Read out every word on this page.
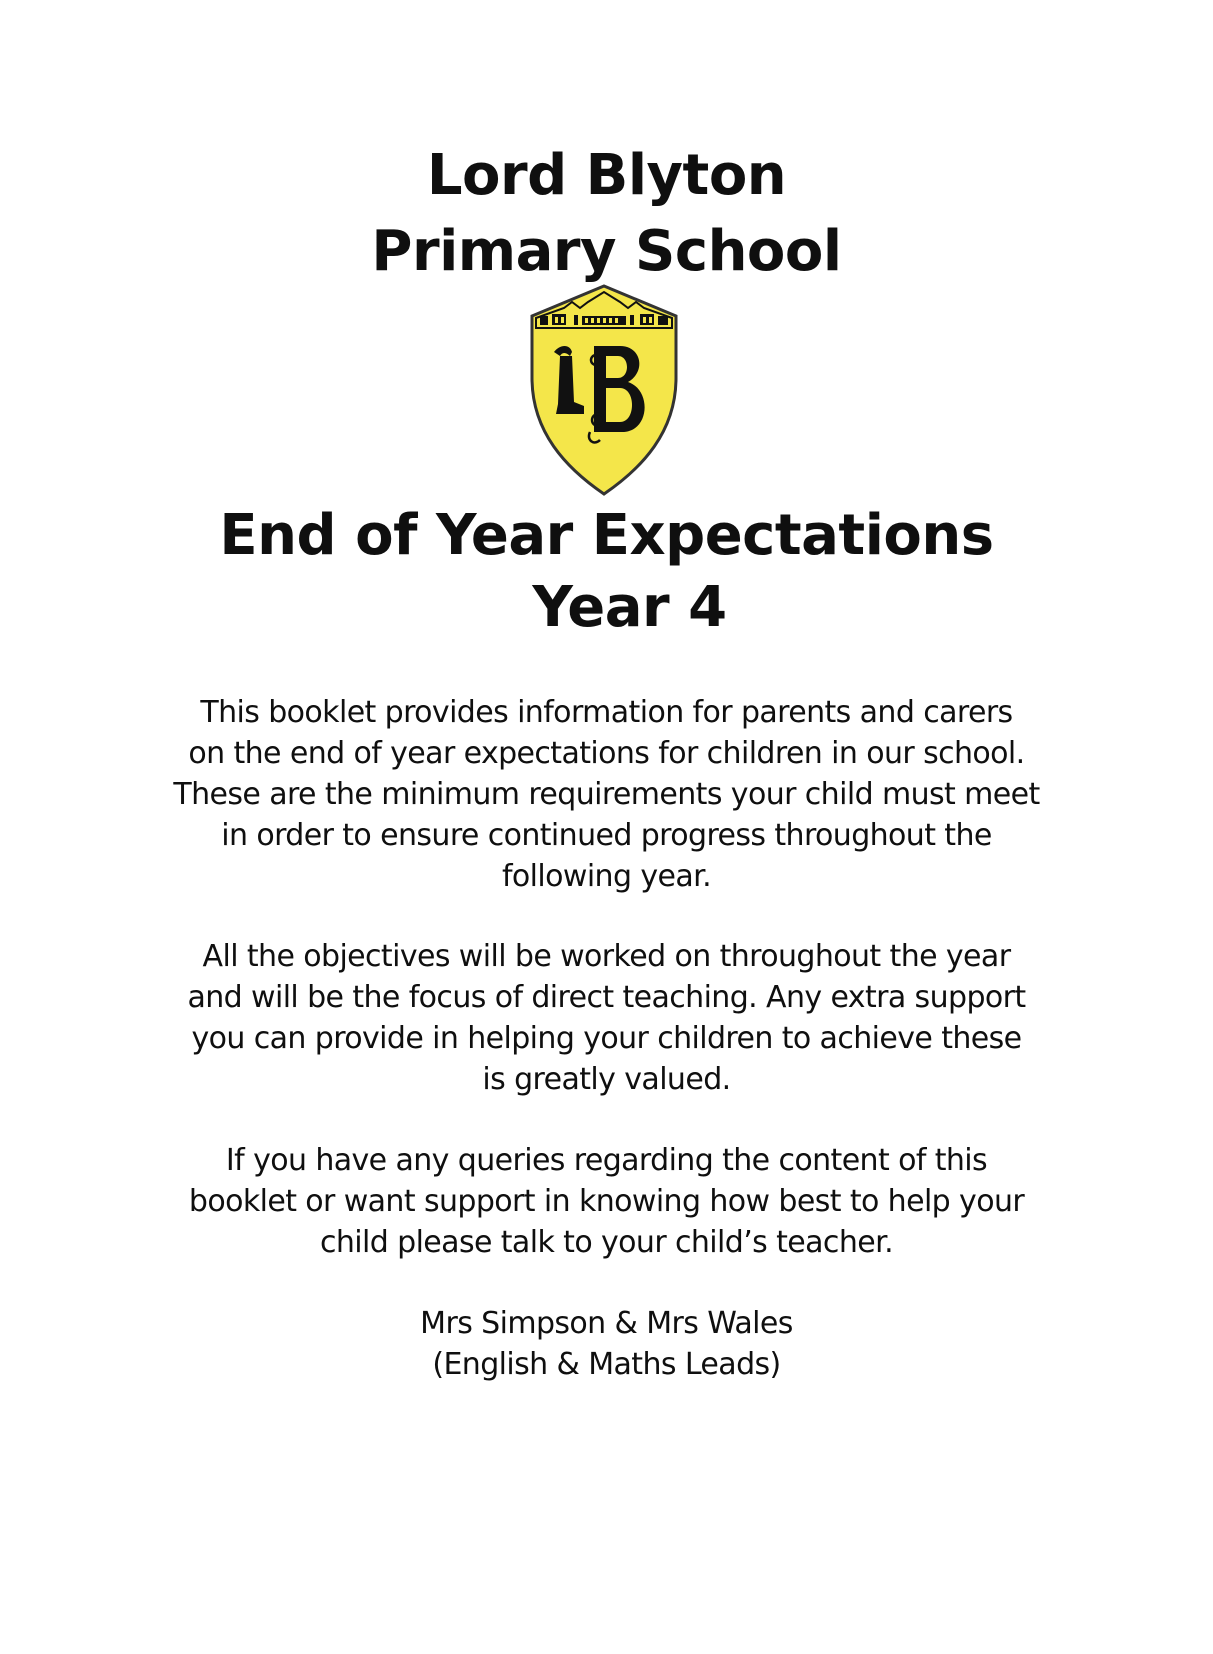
Lord Blyton
Primary School
End of Year Expectations
Year 4
This booklet provides information for parents and carers
on the end of year expectations for children in our school.
These are the minimum requirements your child must meet
in order to ensure continued progress throughout the
following year.
All the objectives will be worked on throughout the year
and will be the focus of direct teaching. Any extra support
you can provide in helping your children to achieve these
is greatly valued.
If you have any queries regarding the content of this
booklet or want support in knowing how best to help your
child please talk to your child’s teacher.
Mrs Simpson & Mrs Wales
(English & Maths Leads)
